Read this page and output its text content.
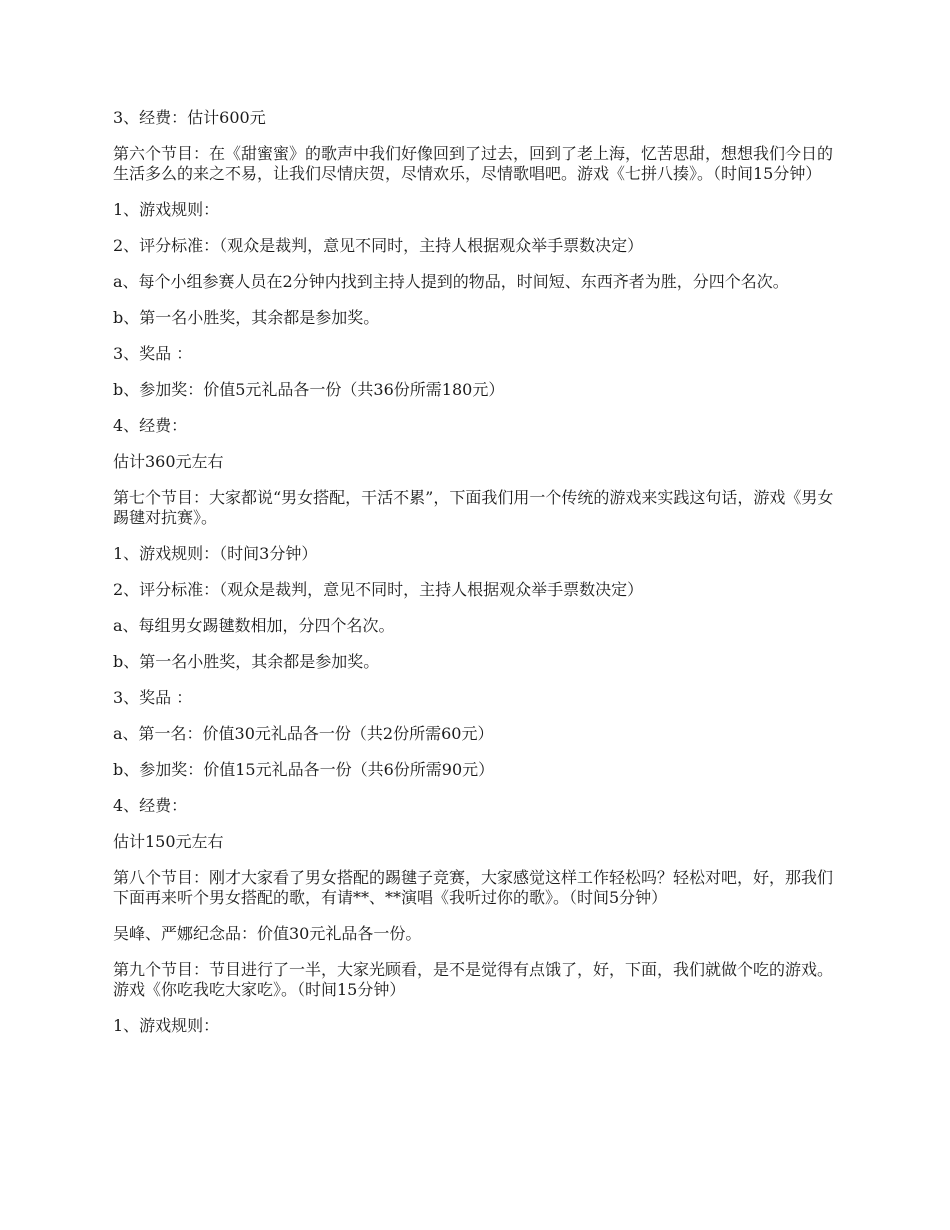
3、经费：估计600元

第六个节目：在《甜蜜蜜》的歌声中我们好像回到了过去，回到了老上海，忆苦思甜，想想我们今日的生活多么的来之不易，让我们尽情庆贺，尽情欢乐，尽情歌唱吧。游戏《七拼八揍》。（时间15分钟）

1、游戏规则：

2、评分标准：（观众是裁判，意见不同时，主持人根据观众举手票数决定）

a、每个小组参赛人员在2分钟内找到主持人提到的物品，时间短、东西齐者为胜，分四个名次。

b、第一名小胜奖，其余都是参加奖。

3、奖品 ：

b、参加奖：价值5元礼品各一份（共36份所需180元）

4、经费：

估计360元左右

第七个节目：大家都说“男女搭配，干活不累”，下面我们用一个传统的游戏来实践这句话，游戏《男女踢毽对抗赛》。

1、游戏规则：（时间3分钟）

2、评分标准：（观众是裁判，意见不同时，主持人根据观众举手票数决定）

a、每组男女踢毽数相加，分四个名次。

b、第一名小胜奖，其余都是参加奖。

3、奖品 ：

a、第一名：价值30元礼品各一份（共2份所需60元）

b、参加奖：价值15元礼品各一份（共6份所需90元）

4、经费：

估计150元左右

第八个节目：刚才大家看了男女搭配的踢毽子竞赛，大家感觉这样工作轻松吗？轻松对吧，好，那我们下面再来听个男女搭配的歌，有请**、**演唱《我听过你的歌》。（时间5分钟）

吴峰、严娜纪念品：价值30元礼品各一份。

第九个节目：节目进行了一半，大家光顾看，是不是觉得有点饿了，好，下面，我们就做个吃的游戏。游戏《你吃我吃大家吃》。（时间15分钟）

1、游戏规则：
